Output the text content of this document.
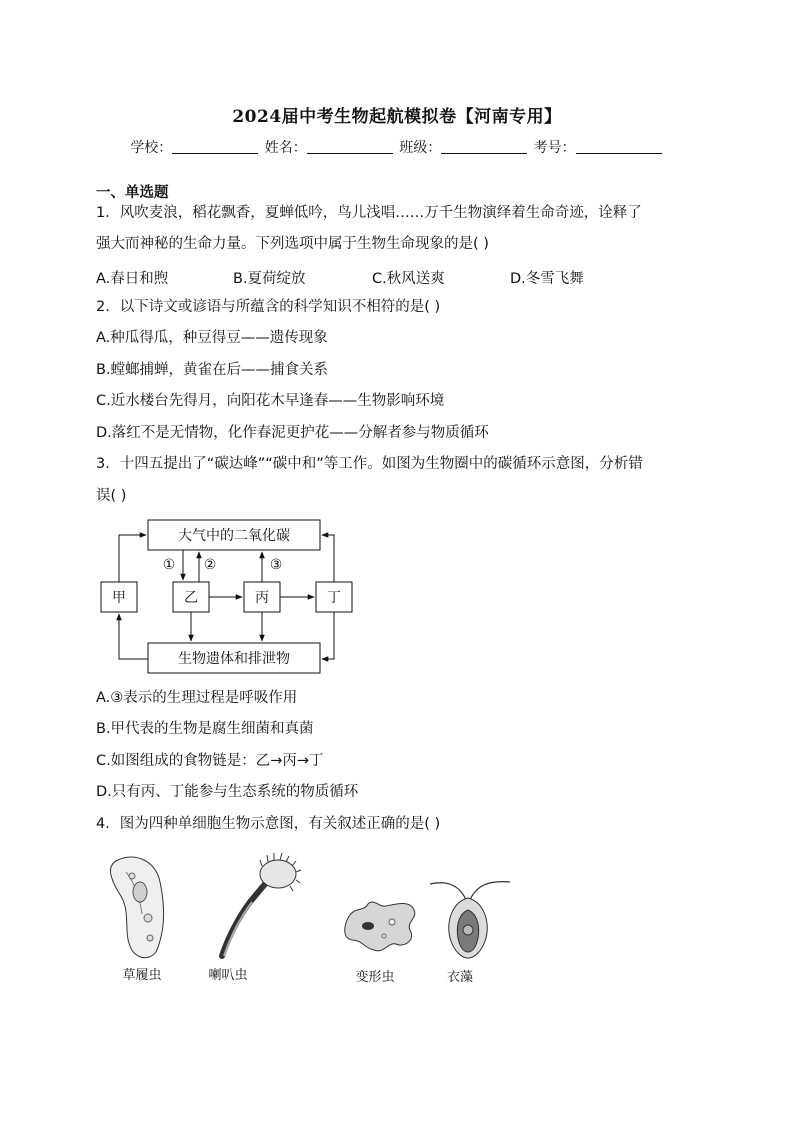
2024届中考生物起航模拟卷【河南专用】
学校：	姓名：	班级：	考号：
一、单选题
1．风吹麦浪，稻花飘香，夏蝉低吟，鸟儿浅唱……万千生物演绎着生命奇迹，诠释了
强大而神秘的生命力量。下列选项中属于生物生命现象的是( )
A.春日和煦	B.夏荷绽放	C.秋风送爽	D.冬雪飞舞
2．以下诗文或谚语与所蕴含的科学知识不相符的是( )
A.种瓜得瓜，种豆得豆——遗传现象
B.螳螂捕蝉，黄雀在后——捕食关系
C.近水楼台先得月，向阳花木早逢春——生物影响环境
D.落红不是无情物，化作春泥更护花——分解者参与物质循环
3．十四五提出了“碳达峰”“碳中和”等工作。如图为生物圈中的碳循环示意图，分析错
误( )
大气中的二氧化碳
甲	乙	丙	丁
生物遗体和排泄物
① ②	③
A.③表示的生理过程是呼吸作用
B.甲代表的生物是腐生细菌和真菌
C.如图组成的食物链是：乙→丙→丁
D.只有丙、丁能参与生态系统的物质循环
4．图为四种单细胞生物示意图，有关叙述正确的是( )
草履虫	喇叭虫	变形虫	衣藻
